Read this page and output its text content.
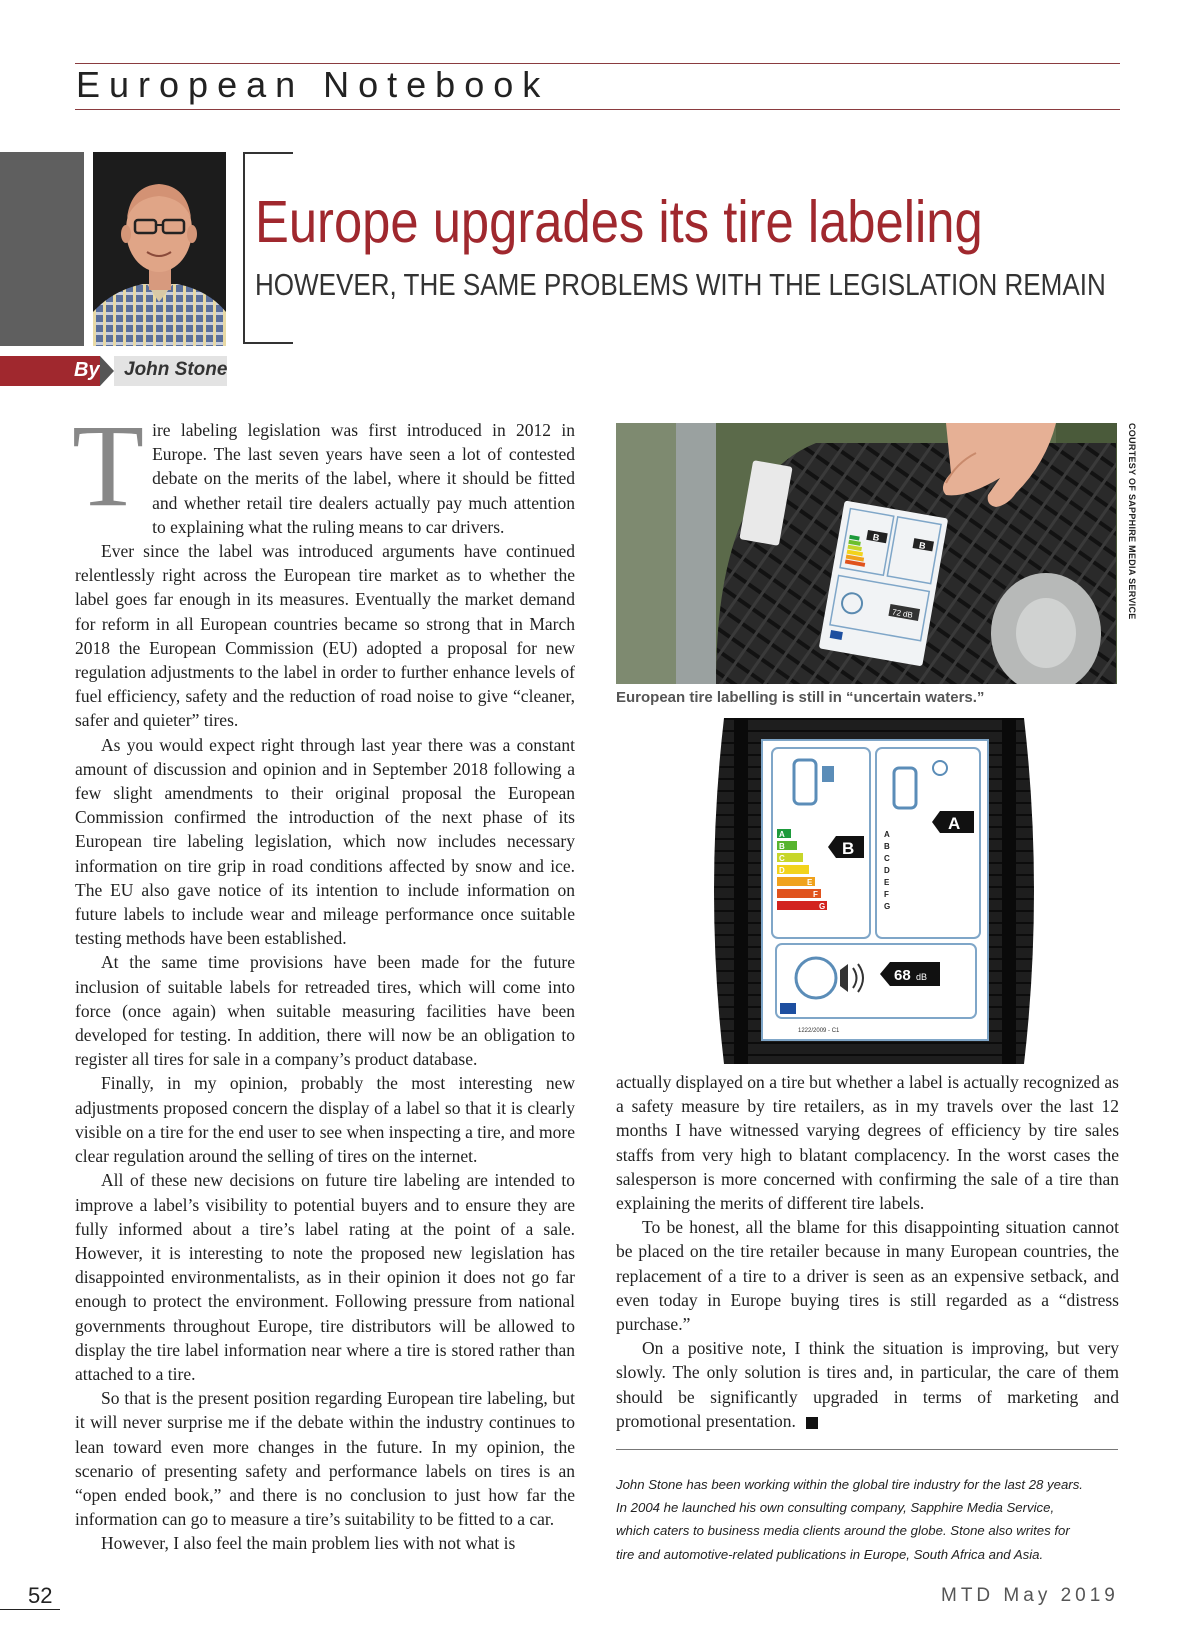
European Notebook
Europe upgrades its tire labeling
HOWEVER, THE SAME PROBLEMS WITH THE LEGISLATION REMAIN
By John Stone

Tire labeling legislation was first introduced in 2012 in Europe. The last seven years have seen a lot of contested debate on the merits of the label, where it should be fitted and whether retail tire dealers actually pay much attention to explaining what the ruling means to car drivers.

Ever since the label was introduced arguments have continued relentlessly right across the European tire market as to whether the label goes far enough in its measures. Eventually the market demand for reform in all European countries became so strong that in March 2018 the European Commission (EU) adopted a proposal for new regulation adjustments to the label in order to further enhance levels of fuel efficiency, safety and the reduction of road noise to give “cleaner, safer and quieter” tires.

As you would expect right through last year there was a constant amount of discussion and opinion and in September 2018 following a few slight amendments to their original proposal the European Commission confirmed the introduction of the next phase of its European tire labeling legislation, which now includes necessary information on tire grip in road conditions affected by snow and ice. The EU also gave notice of its intention to include information on future labels to include wear and mileage performance once suitable testing methods have been established.

At the same time provisions have been made for the future inclusion of suitable labels for retreaded tires, which will come into force (once again) when suitable measuring facilities have been developed for testing. In addition, there will now be an obligation to register all tires for sale in a company’s product database.

Finally, in my opinion, probably the most interesting new adjustments proposed concern the display of a label so that it is clearly visible on a tire for the end user to see when inspecting a tire, and more clear regulation around the selling of tires on the internet.

All of these new decisions on future tire labeling are intended to improve a label’s visibility to potential buyers and to ensure they are fully informed about a tire’s label rating at the point of a sale. However, it is interesting to note the proposed new legislation has disappointed environmentalists, as in their opinion it does not go far enough to protect the environment. Following pressure from national governments throughout Europe, tire distributors will be allowed to display the tire label information near where a tire is stored rather than attached to a tire.

So that is the present position regarding European tire labeling, but it will never surprise me if the debate within the industry continues to lean toward even more changes in the future. In my opinion, the scenario of presenting safety and performance labels on tires is an “open ended book,” and there is no conclusion to just how far the information can go to measure a tire’s suitability to be fitted to a car.

However, I also feel the main problem lies with not what is

B
B
72 dB	COURTESY OF SAPPHIRE MEDIA SERVICE
European tire labelling is still in “uncertain waters.”
A
B
C
D
E
F
G
B
A
B
C
D
E
F
G
A
68 dB
1222/2009 - C1

actually displayed on a tire but whether a label is actually recognized as a safety measure by tire retailers, as in my travels over the last 12 months I have witnessed varying degrees of efficiency by tire sales staffs from very high to blatant complacency. In the worst cases the salesperson is more concerned with confirming the sale of a tire than explaining the merits of different tire labels.

To be honest, all the blame for this disappointing situation cannot be placed on the tire retailer because in many European countries, the replacement of a tire to a driver is seen as an expensive setback, and even today in Europe buying tires is still regarded as a “distress purchase.”

On a positive note, I think the situation is improving, but very slowly. The only solution is tires and, in particular, the care of them should be significantly upgraded in terms of marketing and promotional presentation.

John Stone has been working within the global tire industry for the last 28 years.
In 2004 he launched his own consulting company, Sapphire Media Service,
which caters to business media clients around the globe. Stone also writes for
tire and automotive-related publications in Europe, South Africa and Asia.
52	MTD May 2019
